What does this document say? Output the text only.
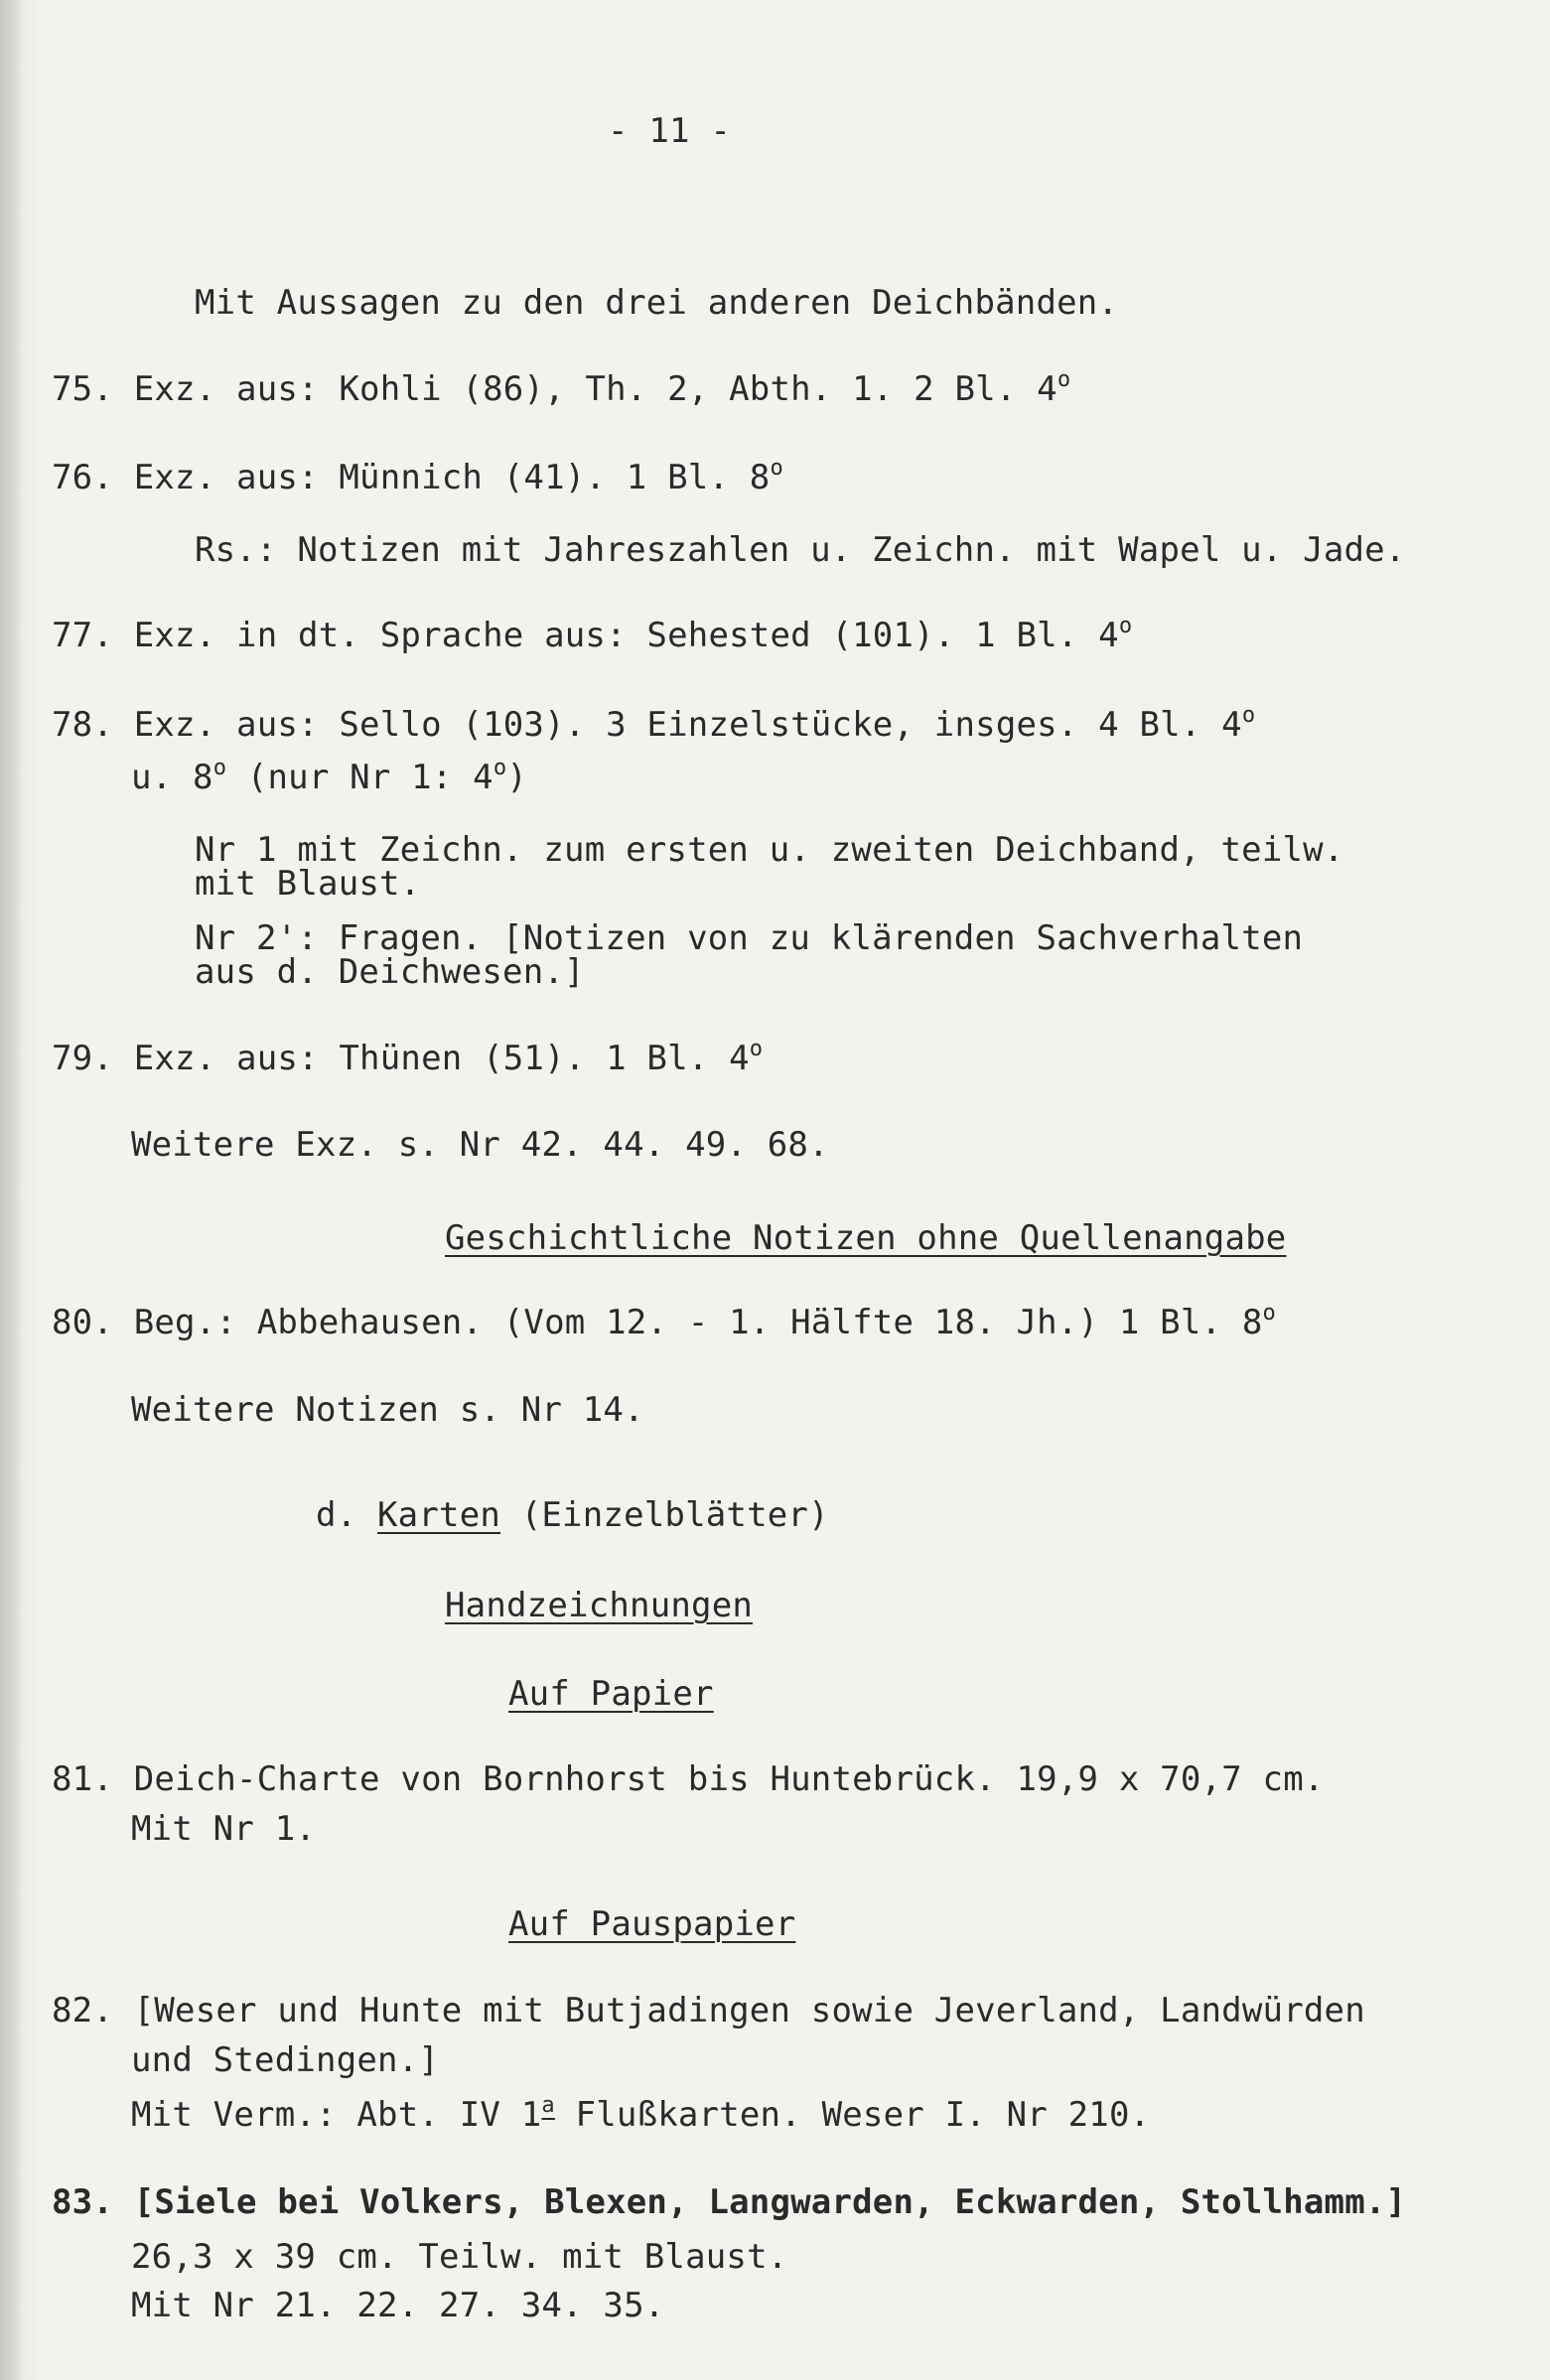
- 11 -
Mit Aussagen zu den drei anderen Deichbänden.
75. Exz. aus: Kohli (86), Th. 2, Abth. 1. 2 Bl. 4$^o$
76. Exz. aus: Münnich (41). 1 Bl. 8$^o$
Rs.: Notizen mit Jahreszahlen u. Zeichn. mit Wapel u. Jade.
77. Exz. in dt. Sprache aus: Sehested (101). 1 Bl. 4$^o$
78. Exz. aus: Sello (103). 3 Einzelstücke, insges. 4 Bl. 4$^o$
u. 8$^o$ (nur Nr 1: 4$^o$)
Nr 1 mit Zeichn. zum ersten u. zweiten Deichband, teilw.
mit Blaust.
Nr 2': Fragen. [Notizen von zu klärenden Sachverhalten
aus d. Deichwesen.]
79. Exz. aus: Thünen (51). 1 Bl. 4$^o$
Weitere Exz. s. Nr 42. 44. 49. 68.
Geschichtliche Notizen ohne Quellenangabe
80. Beg.: Abbehausen. (Vom 12. - 1. Hälfte 18. Jh.) 1 Bl. 8$^o$
Weitere Notizen s. Nr 14.
d. Karten (Einzelblätter)
Handzeichnungen
Auf Papier
81. Deich-Charte von Bornhorst bis Huntebrück. 19,9 x 70,7 cm.
Mit Nr 1.
Auf Pauspapier
82. [Weser und Hunte mit Butjadingen sowie Jeverland, Landwürden
und Stedingen.]
Mit Verm.: Abt. IV 1$^a$ Flußkarten. Weser I. Nr 210.
83. [Siele bei Volkers, Blexen, Langwarden, Eckwarden, Stollhamm.]
26,3 x 39 cm. Teilw. mit Blaust.
Mit Nr 21. 22. 27. 34. 35.
